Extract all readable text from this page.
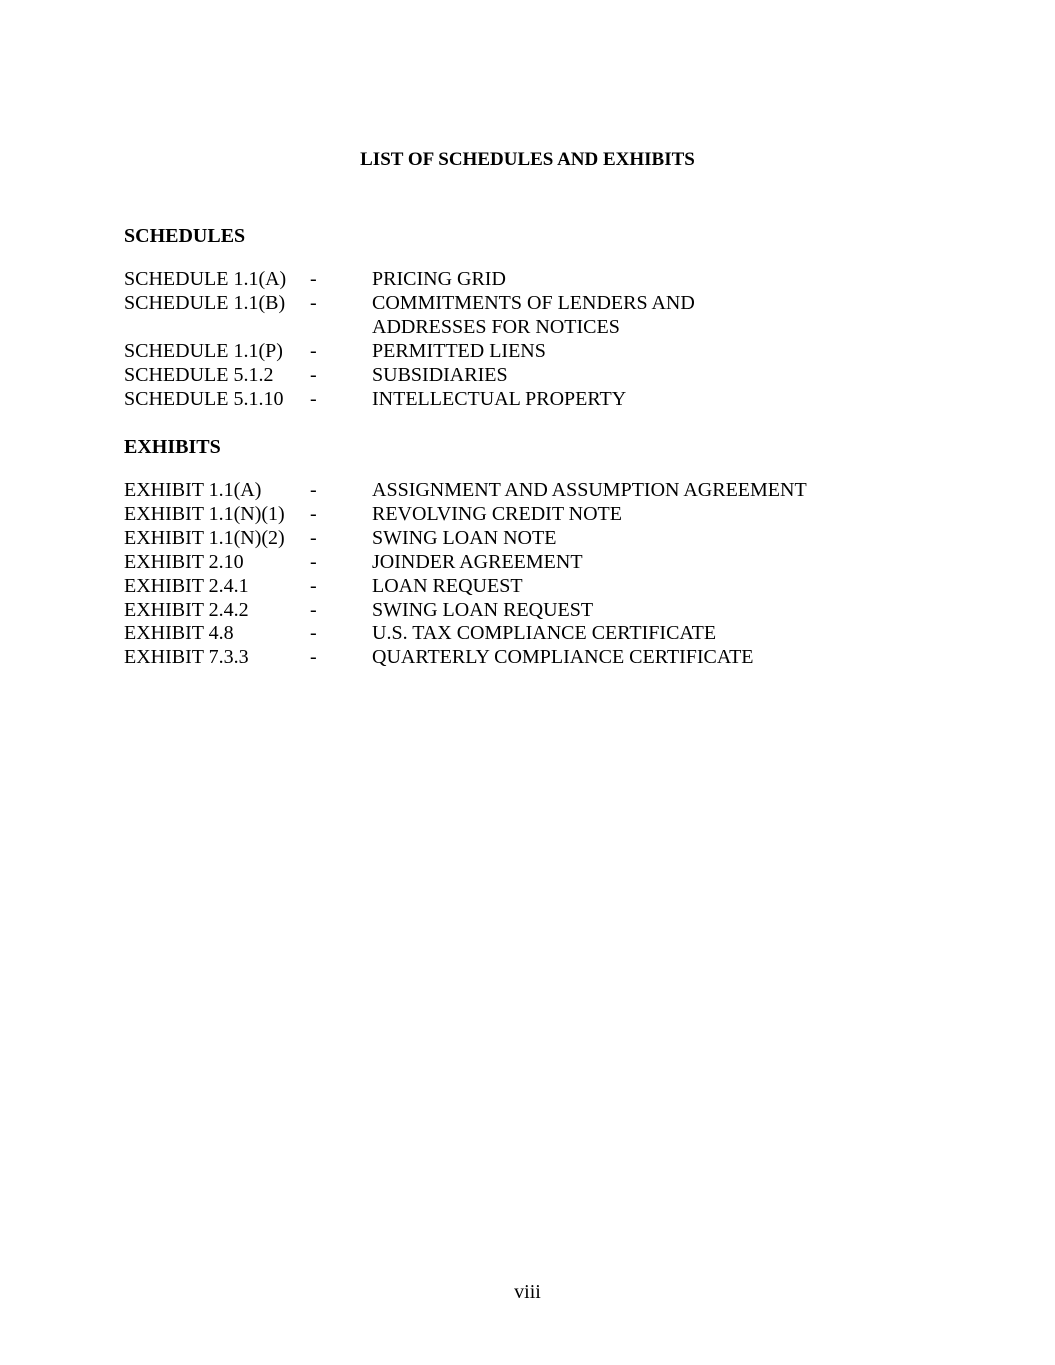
LIST OF SCHEDULES AND EXHIBITS
SCHEDULES
SCHEDULE 1.1(A)	-	PRICING GRID
SCHEDULE 1.1(B)	-	COMMITMENTS OF LENDERS AND
ADDRESSES FOR NOTICES
SCHEDULE 1.1(P)	-	PERMITTED LIENS
SCHEDULE 5.1.2	-	SUBSIDIARIES
SCHEDULE 5.1.10	-	INTELLECTUAL PROPERTY
EXHIBITS
EXHIBIT 1.1(A)	-	ASSIGNMENT AND ASSUMPTION AGREEMENT
EXHIBIT 1.1(N)(1)	-	REVOLVING CREDIT NOTE
EXHIBIT 1.1(N)(2)	-	SWING LOAN NOTE
EXHIBIT 2.10	-	JOINDER AGREEMENT
EXHIBIT 2.4.1	-	LOAN REQUEST
EXHIBIT 2.4.2	-	SWING LOAN REQUEST
EXHIBIT 4.8	-	U.S. TAX COMPLIANCE CERTIFICATE
EXHIBIT 7.3.3	-	QUARTERLY COMPLIANCE CERTIFICATE
viii
